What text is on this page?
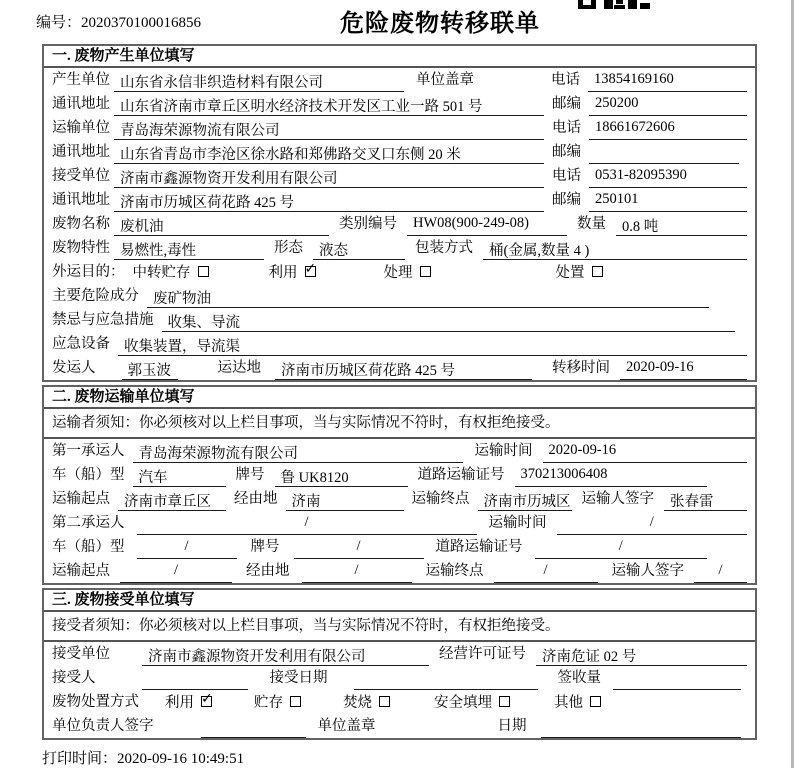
编号：2020370100016856	危险废物转移联单
一. 废物产生单位填写
产生单位 山东省永信非织造材料有限公司	单位盖章	电话 13854169160
通讯地址 山东省济南市章丘区明水经济技术开发区工业一路 501 号	邮编 250200
运输单位 青岛海荣源物流有限公司	电话 18661672606
通讯地址 山东省青岛市李沧区徐水路和郑佛路交叉口东侧 20 米	邮编
接受单位 济南市鑫源物资开发利用有限公司	电话 0531-82095390
通讯地址 济南市历城区荷花路 425 号	邮编 250101
废物名称 废机油	类别编号	HW08(900-249-08)	数量	0.8 吨
废物特性 易燃性,毒性	形态	液态	包装方式	桶(金属,数量 4 )
外运目的： 中转贮存	利用 ✓	处理	处置
主要危险成分 废矿物油
禁忌与应急措施 收集、导流
应急设备 收集装置，导流渠
发运人	郭玉波	运达地	济南市历城区荷花路 425 号	转移时间	2020-09-16
二. 废物运输单位填写
运输者须知：你必须核对以上栏目事项，当与实际情况不符时，有权拒绝接受。
第一承运人 青岛海荣源物流有限公司	运输时间	2020-09-16
车（船）型 汽车	牌号	鲁 UK8120	道路运输证号	370213006408
运输起点 济南市章丘区	经由地 济南	运输终点 济南市历城区 运输人签字	张春雷
第二承运人	/	运输时间	/
车（船）型	/	牌号	/	道路运输证号	/
运输起点	/	经由地	/	运输终点	/	运输人签字	/
三. 废物接受单位填写
接受者须知：你必须核对以上栏目事项，当与实际情况不符时，有权拒绝接受。
接受单位	济南市鑫源物资开发利用有限公司	经营许可证号	济南危证 02 号
接受人	接受日期	签收量
废物处置方式 利用 ✓	贮存	焚烧	安全填埋	其他
单位负责人签字	单位盖章	日期
打印时间：2020-09-16 10:49:51
